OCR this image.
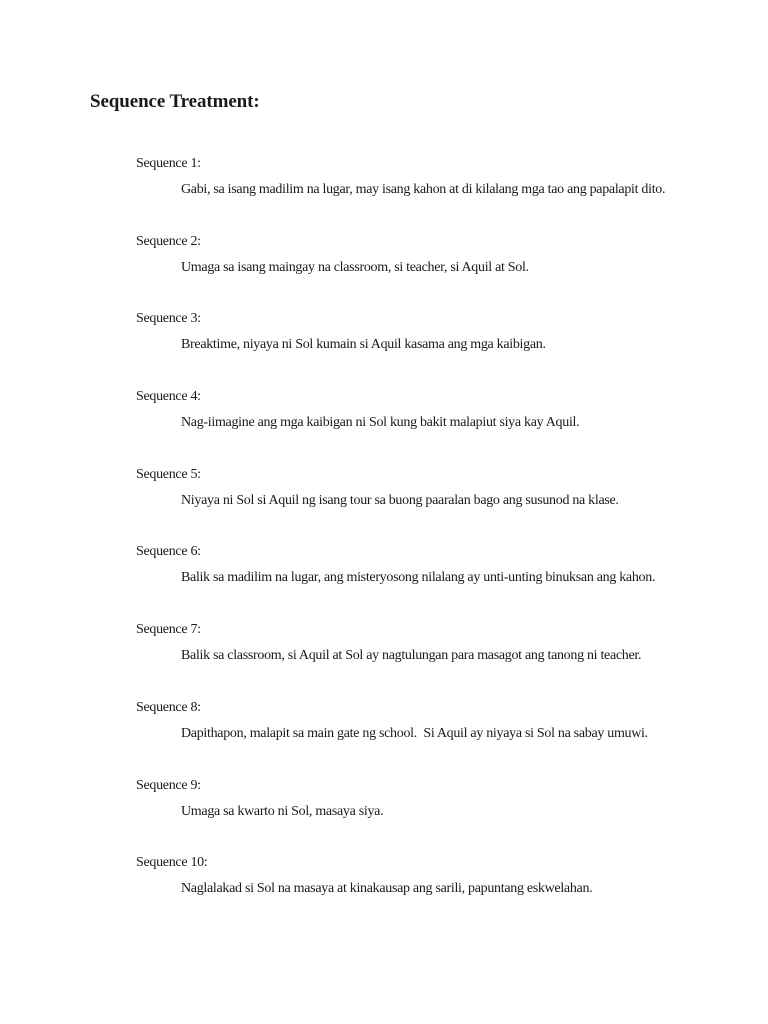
Sequence Treatment:
Sequence 1:
Gabi, sa isang madilim na lugar, may isang kahon at di kilalang mga tao ang papalapit dito.
Sequence 2:
Umaga sa isang maingay na classroom, si teacher, si Aquil at Sol.
Sequence 3:
Breaktime, niyaya ni Sol kumain si Aquil kasama ang mga kaibigan.
Sequence 4:
Nag-iimagine ang mga kaibigan ni Sol kung bakit malapiut siya kay Aquil.
Sequence 5:
Niyaya ni Sol si Aquil ng isang tour sa buong paaralan bago ang susunod na klase.
Sequence 6:
Balik sa madilim na lugar, ang misteryosong nilalang ay unti-unting binuksan ang kahon.
Sequence 7:
Balik sa classroom, si Aquil at Sol ay nagtulungan para masagot ang tanong ni teacher.
Sequence 8:
Dapithapon, malapit sa main gate ng school.  Si Aquil ay niyaya si Sol na sabay umuwi.
Sequence 9:
Umaga sa kwarto ni Sol, masaya siya.
Sequence 10:
Naglalakad si Sol na masaya at kinakausap ang sarili, papuntang eskwelahan.
